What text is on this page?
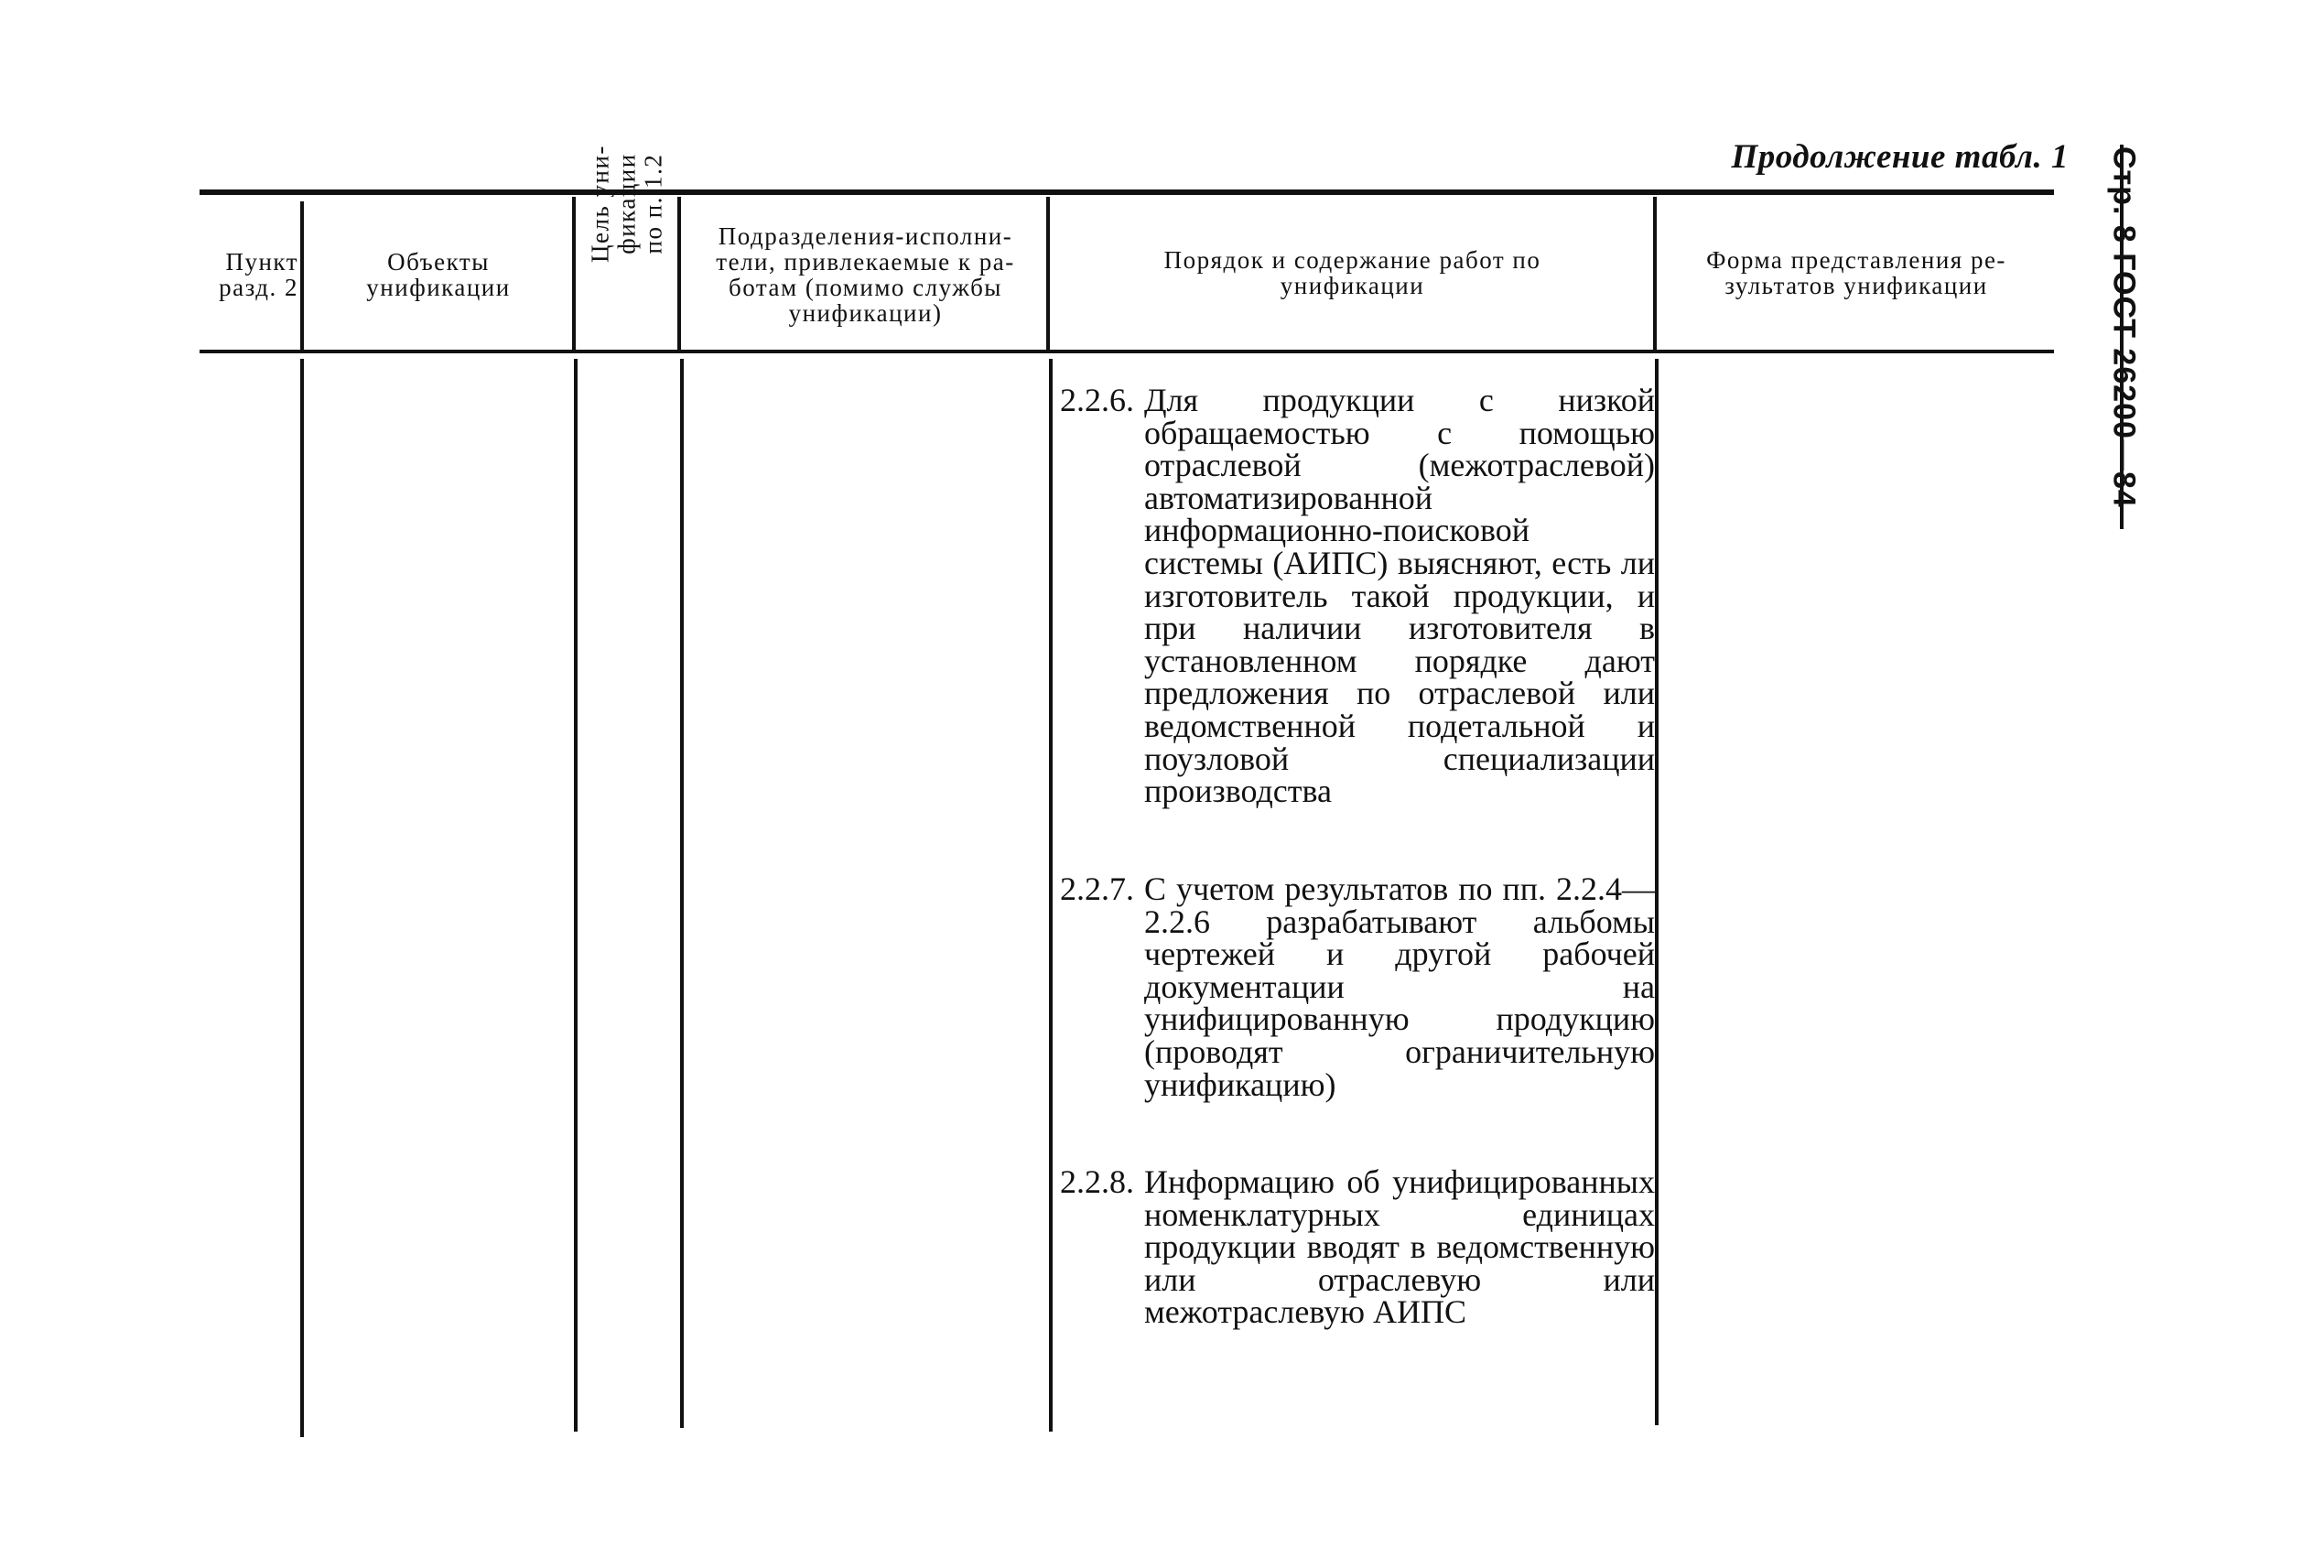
Продолжение табл. 1 Стр. 8 ГОСТ 26200—84
Пункт
разд. 2
Объекты
унификации
Цель уни- фикации по п. 1.2	Подразделения-исполни-
тели, привлекаемые к ра-
ботам (помимо службы
унификации)
Порядок и содержание работ по
унификации
Форма представления ре-
зультатов унификации
2.2.6. Для продукции с низкой обращаемостью с помощью отраслевой (межотраслевой) автоматизированной информационно-поисковой системы (АИПС) выясняют, есть ли изготовитель такой продукции, и при наличии изготовителя в установленном порядке дают предложения по отраслевой или ведомственной подетальной и поузловой специализации производства
2.2.7. С учетом результатов по пп. 2.2.4—2.2.6 разрабатывают альбомы чертежей и другой рабочей документации на унифицированную продукцию (проводят ограничительную унификацию)
2.2.8. Информацию об унифицированных номенклатурных единицах продукции вводят в ведомственную или отраслевую или межотраслевую АИПС
